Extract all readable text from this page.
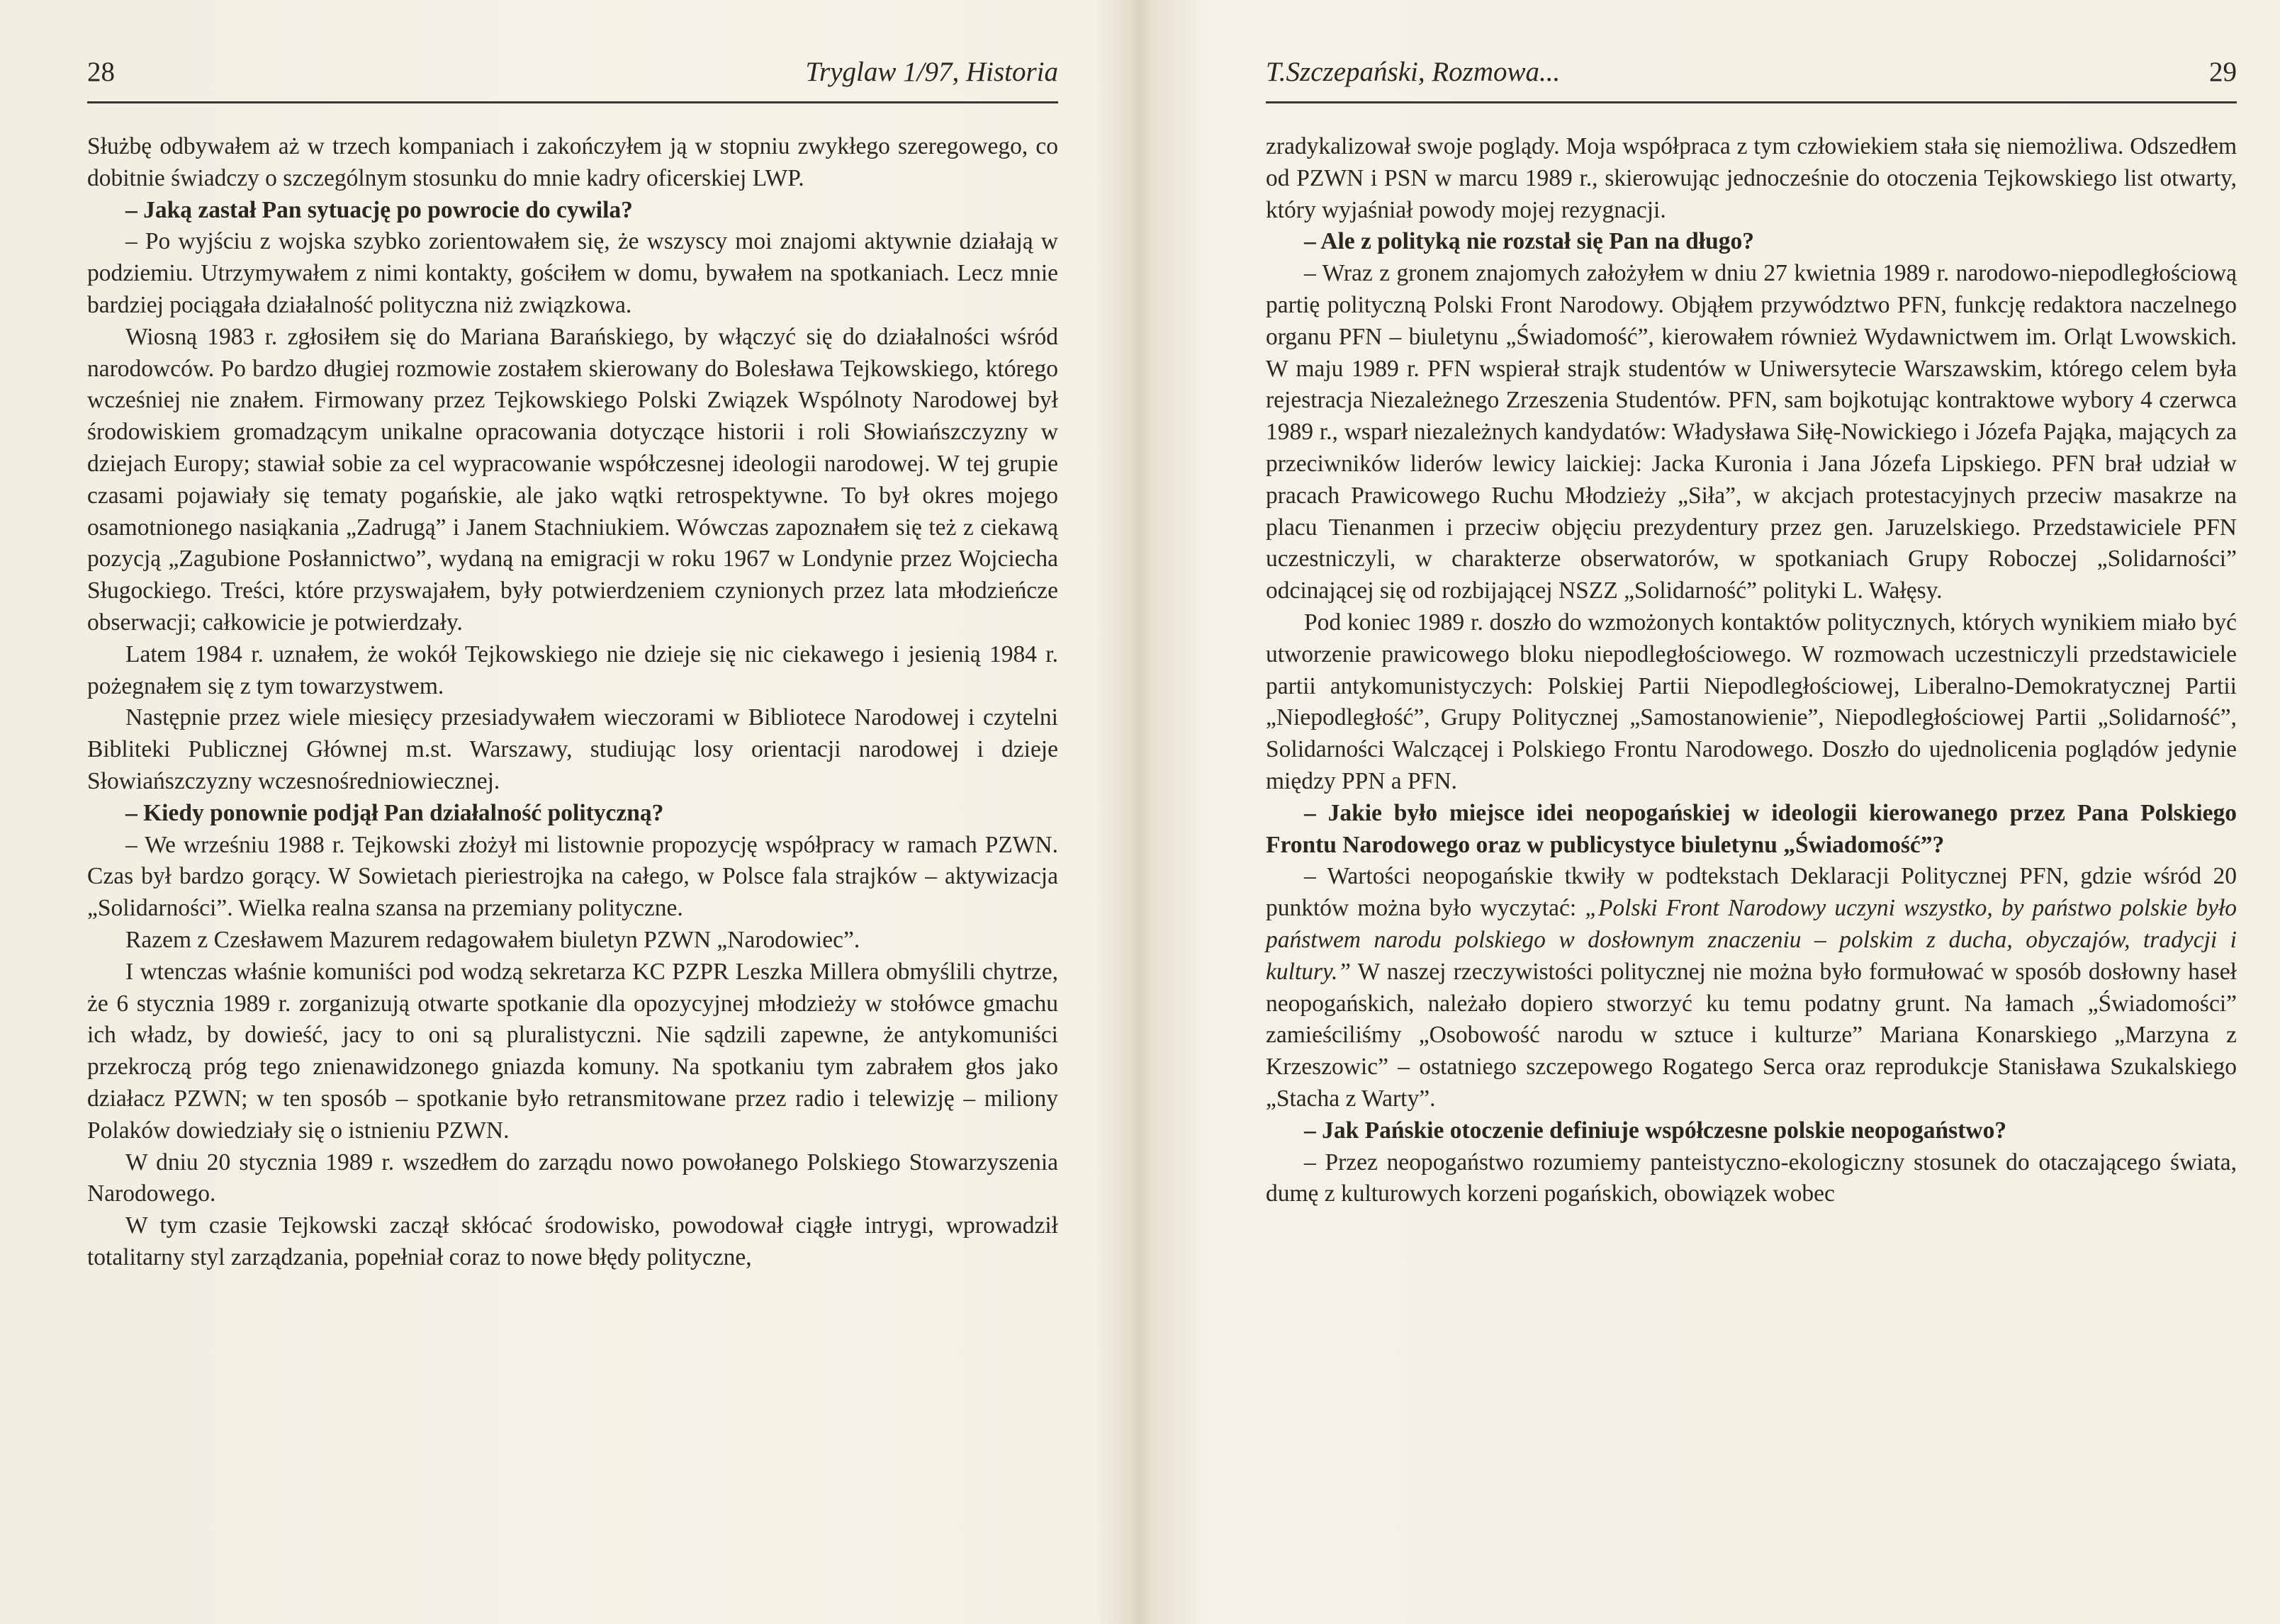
28	Tryglaw 1/97, Historia

Służbę odbywałem aż w trzech kompaniach i zakończyłem ją w stopniu zwykłego szeregowego, co dobitnie świadczy o szczególnym stosunku do mnie kadry oficerskiej LWP.

– Jaką zastał Pan sytuację po powrocie do cywila?

– Po wyjściu z wojska szybko zorientowałem się, że wszyscy moi znajomi aktywnie działają w podziemiu. Utrzymywałem z nimi kontakty, gościłem w domu, bywałem na spotkaniach. Lecz mnie bardziej pociągała działalność polityczna niż związkowa.

Wiosną 1983 r. zgłosiłem się do Mariana Barańskiego, by włączyć się do działalności wśród narodowców. Po bardzo długiej rozmowie zostałem skierowany do Bolesława Tejkowskiego, którego wcześniej nie znałem. Firmowany przez Tejkowskiego Polski Związek Wspólnoty Narodowej był środowiskiem gromadzącym unikalne opracowania dotyczące historii i roli Słowiańszczyzny w dziejach Europy; stawiał sobie za cel wypracowanie współczesnej ideologii narodowej. W tej grupie czasami pojawiały się tematy pogańskie, ale jako wątki retrospektywne. To był okres mojego osamotnionego nasiąkania „Zadrugą” i Janem Stachniukiem. Wówczas zapoznałem się też z ciekawą pozycją „Zagubione Posłannictwo”, wydaną na emigracji w roku 1967 w Londynie przez Wojciecha Sługockiego. Treści, które przyswajałem, były potwierdzeniem czynionych przez lata młodzieńcze obserwacji; całkowicie je potwierdzały.

Latem 1984 r. uznałem, że wokół Tejkowskiego nie dzieje się nic ciekawego i jesienią 1984 r. pożegnałem się z tym towarzystwem.

Następnie przez wiele miesięcy przesiadywałem wieczorami w Bibliotece Narodowej i czytelni Bibliteki Publicznej Głównej m.st. Warszawy, studiując losy orientacji narodowej i dzieje Słowiańszczyzny wczesnośredniowiecznej.

– Kiedy ponownie podjął Pan działalność polityczną?

– We wrześniu 1988 r. Tejkowski złożył mi listownie propozycję współpracy w ramach PZWN. Czas był bardzo gorący. W Sowietach pieriestrojka na całego, w Polsce fala strajków – aktywizacja „Solidarności”. Wielka realna szansa na przemiany polityczne.

Razem z Czesławem Mazurem redagowałem biuletyn PZWN „Narodowiec”.

I wtenczas właśnie komuniści pod wodzą sekretarza KC PZPR Leszka Millera obmyślili chytrze, że 6 stycznia 1989 r. zorganizują otwarte spotkanie dla opozycyjnej młodzieży w stołówce gmachu ich władz, by dowieść, jacy to oni są pluralistyczni. Nie sądzili zapewne, że antykomuniści przekroczą próg tego znienawidzonego gniazda komuny. Na spotkaniu tym zabrałem głos jako działacz PZWN; w ten sposób – spotkanie było retransmitowane przez radio i telewizję – miliony Polaków dowiedziały się o istnieniu PZWN.

W dniu 20 stycznia 1989 r. wszedłem do zarządu nowo powołanego Polskiego Stowarzyszenia Narodowego.

W tym czasie Tejkowski zaczął skłócać środowisko, powodował ciągłe intrygi, wprowadził totalitarny styl zarządzania, popełniał coraz to nowe błędy polityczne,

T.Szczepański, Rozmowa...	29

zradykalizował swoje poglądy. Moja współpraca z tym człowiekiem stała się niemożliwa. Odszedłem od PZWN i PSN w marcu 1989 r., skierowując jednocześnie do otoczenia Tejkowskiego list otwarty, który wyjaśniał powody mojej rezygnacji.

– Ale z polityką nie rozstał się Pan na długo?

– Wraz z gronem znajomych założyłem w dniu 27 kwietnia 1989 r. narodowo-niepodległościową partię polityczną Polski Front Narodowy. Objąłem przywództwo PFN, funkcję redaktora naczelnego organu PFN – biuletynu „Świadomość”, kierowałem również Wydawnictwem im. Orląt Lwowskich. W maju 1989 r. PFN wspierał strajk studentów w Uniwersytecie Warszawskim, którego celem była rejestracja Niezależnego Zrzeszenia Studentów. PFN, sam bojkotując kontraktowe wybory 4 czerwca 1989 r., wsparł niezależnych kandydatów: Władysława Siłę-Nowickiego i Józefa Pająka, mających za przeciwników liderów lewicy laickiej: Jacka Kuronia i Jana Józefa Lipskiego. PFN brał udział w pracach Prawicowego Ruchu Młodzieży „Siła”, w akcjach protestacyjnych przeciw masakrze na placu Tienanmen i przeciw objęciu prezydentury przez gen. Jaruzelskiego. Przedstawiciele PFN uczestniczyli, w charakterze obserwatorów, w spotkaniach Grupy Roboczej „Solidarności” odcinającej się od rozbijającej NSZZ „Solidarność” polityki L. Wałęsy.

Pod koniec 1989 r. doszło do wzmożonych kontaktów politycznych, których wynikiem miało być utworzenie prawicowego bloku niepodległościowego. W rozmowach uczestniczyli przedstawiciele partii antykomunistyczych: Polskiej Partii Niepodległościowej, Liberalno-Demokratycznej Partii „Niepodległość”, Grupy Politycznej „Samostanowienie”, Niepodległościowej Partii „Solidarność”, Solidarności Walczącej i Polskiego Frontu Narodowego. Doszło do ujednolicenia poglądów jedynie między PPN a PFN.

– Jakie było miejsce idei neopogańskiej w ideologii kierowanego przez Pana Polskiego Frontu Narodowego oraz w publicystyce biuletynu „Świadomość”?

– Wartości neopogańskie tkwiły w podtekstach Deklaracji Politycznej PFN, gdzie wśród 20 punktów można było wyczytać: „Polski Front Narodowy uczyni wszystko, by państwo polskie było państwem narodu polskiego w dosłownym znaczeniu – polskim z ducha, obyczajów, tradycji i kultury.” W naszej rzeczywistości politycznej nie można było formułować w sposób dosłowny haseł neopogańskich, należało dopiero stworzyć ku temu podatny grunt. Na łamach „Świadomości” zamieściliśmy „Osobowość narodu w sztuce i kulturze” Mariana Konarskiego „Marzyna z Krzeszowic” – ostatniego szczepowego Rogatego Serca oraz reprodukcje Stanisława Szukalskiego „Stacha z Warty”.

– Jak Pańskie otoczenie definiuje współczesne polskie neopogaństwo?

– Przez neopogaństwo rozumiemy panteistyczno-ekologiczny stosunek do otaczającego świata, dumę z kulturowych korzeni pogańskich, obowiązek wobec
